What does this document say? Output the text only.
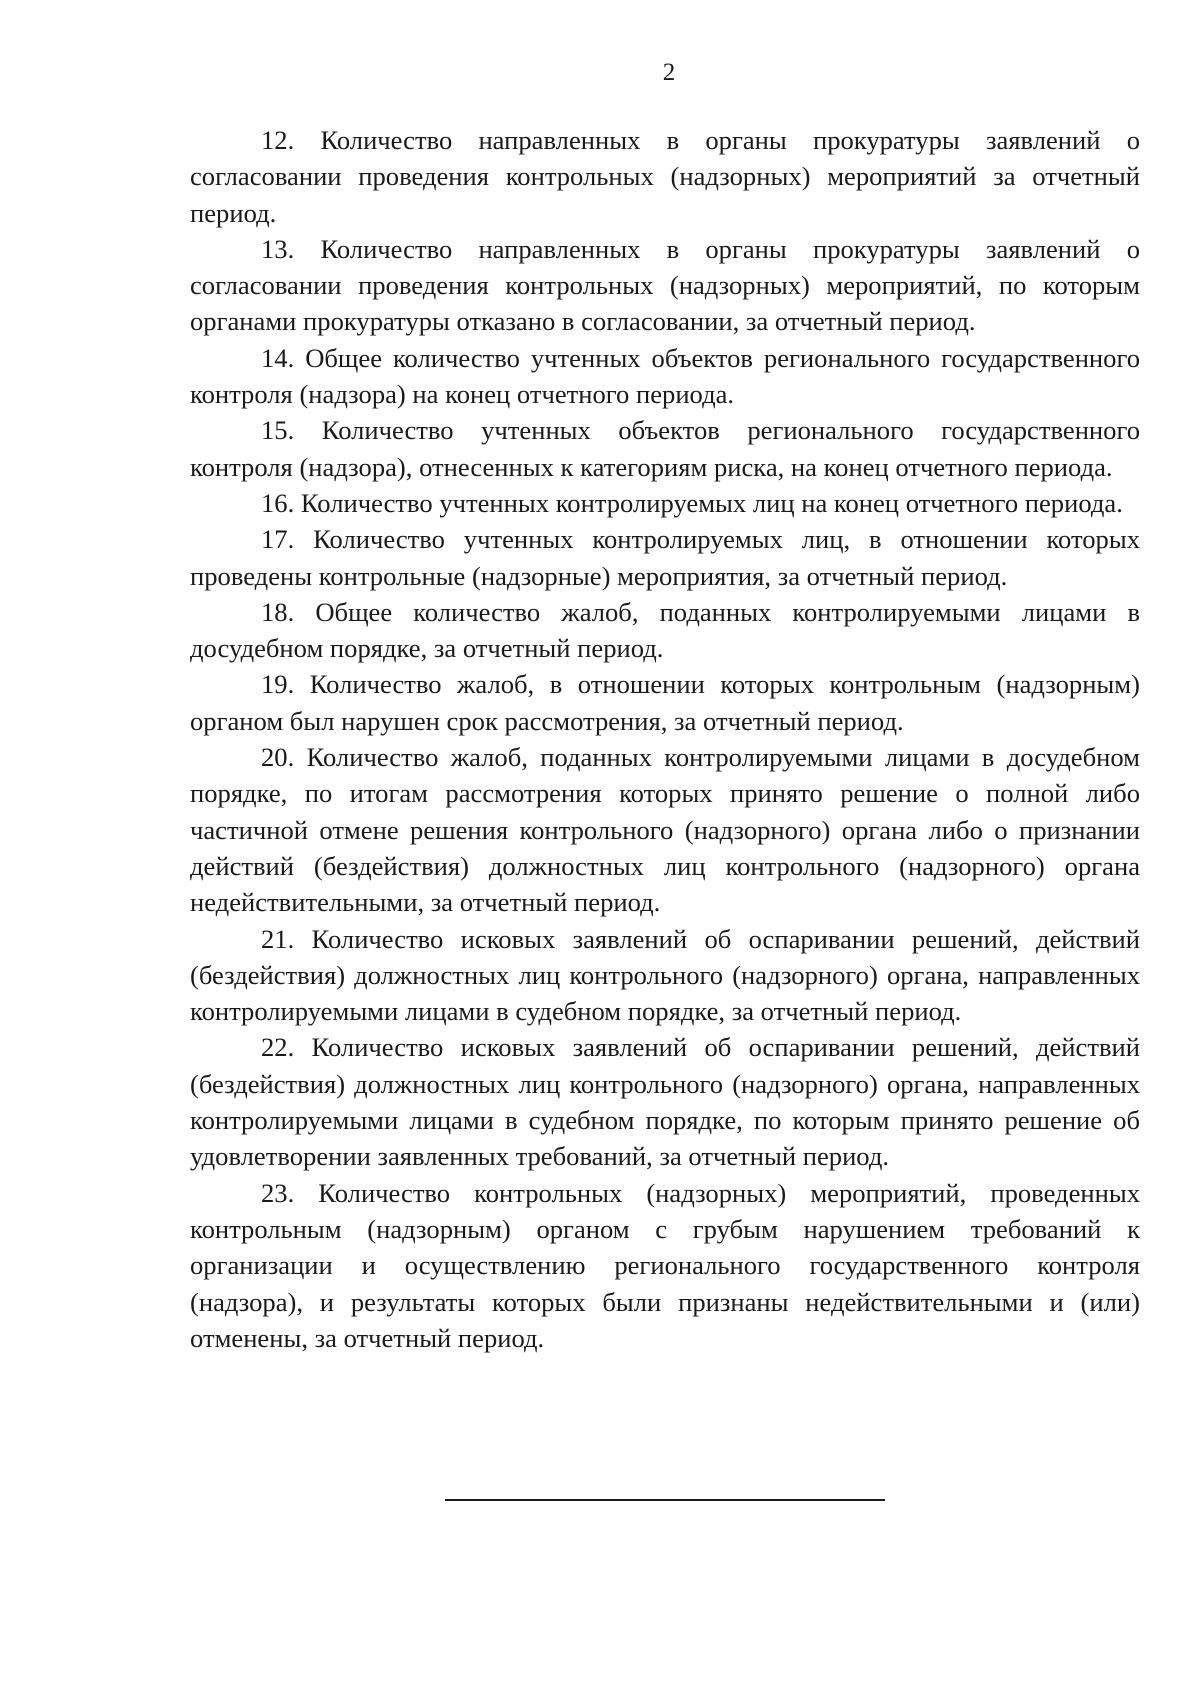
2

12. Количество направленных в органы прокуратуры заявлений о согласовании проведения контрольных (надзорных) мероприятий за отчетный период.

13. Количество направленных в органы прокуратуры заявлений о согласовании проведения контрольных (надзорных) мероприятий, по которым органами прокуратуры отказано в согласовании, за отчетный период.

14. Общее количество учтенных объектов регионального государственного контроля (надзора) на конец отчетного периода.

15. Количество учтенных объектов регионального государственного контроля (надзора), отнесенных к категориям риска, на конец отчетного периода.

16. Количество учтенных контролируемых лиц на конец отчетного периода.

17. Количество учтенных контролируемых лиц, в отношении которых проведены контрольные (надзорные) мероприятия, за отчетный период.

18. Общее количество жалоб, поданных контролируемыми лицами в досудебном порядке, за отчетный период.

19. Количество жалоб, в отношении которых контрольным (надзорным) органом был нарушен срок рассмотрения, за отчетный период.

20. Количество жалоб, поданных контролируемыми лицами в досудебном порядке, по итогам рассмотрения которых принято решение о полной либо частичной отмене решения контрольного (надзорного) органа либо о признании действий (бездействия) должностных лиц контрольного (надзорного) органа недействительными, за отчетный период.

21. Количество исковых заявлений об оспаривании решений, действий (бездействия) должностных лиц контрольного (надзорного) органа, направленных контролируемыми лицами в судебном порядке, за отчетный период.

22. Количество исковых заявлений об оспаривании решений, действий (бездействия) должностных лиц контрольного (надзорного) органа, направленных контролируемыми лицами в судебном порядке, по которым принято решение об удовлетворении заявленных требований, за отчетный период.

23. Количество контрольных (надзорных) мероприятий, проведенных контрольным (надзорным) органом с грубым нарушением требований к организации и осуществлению регионального государственного контроля (надзора), и результаты которых были признаны недействительными и (или) отменены, за отчетный период.
